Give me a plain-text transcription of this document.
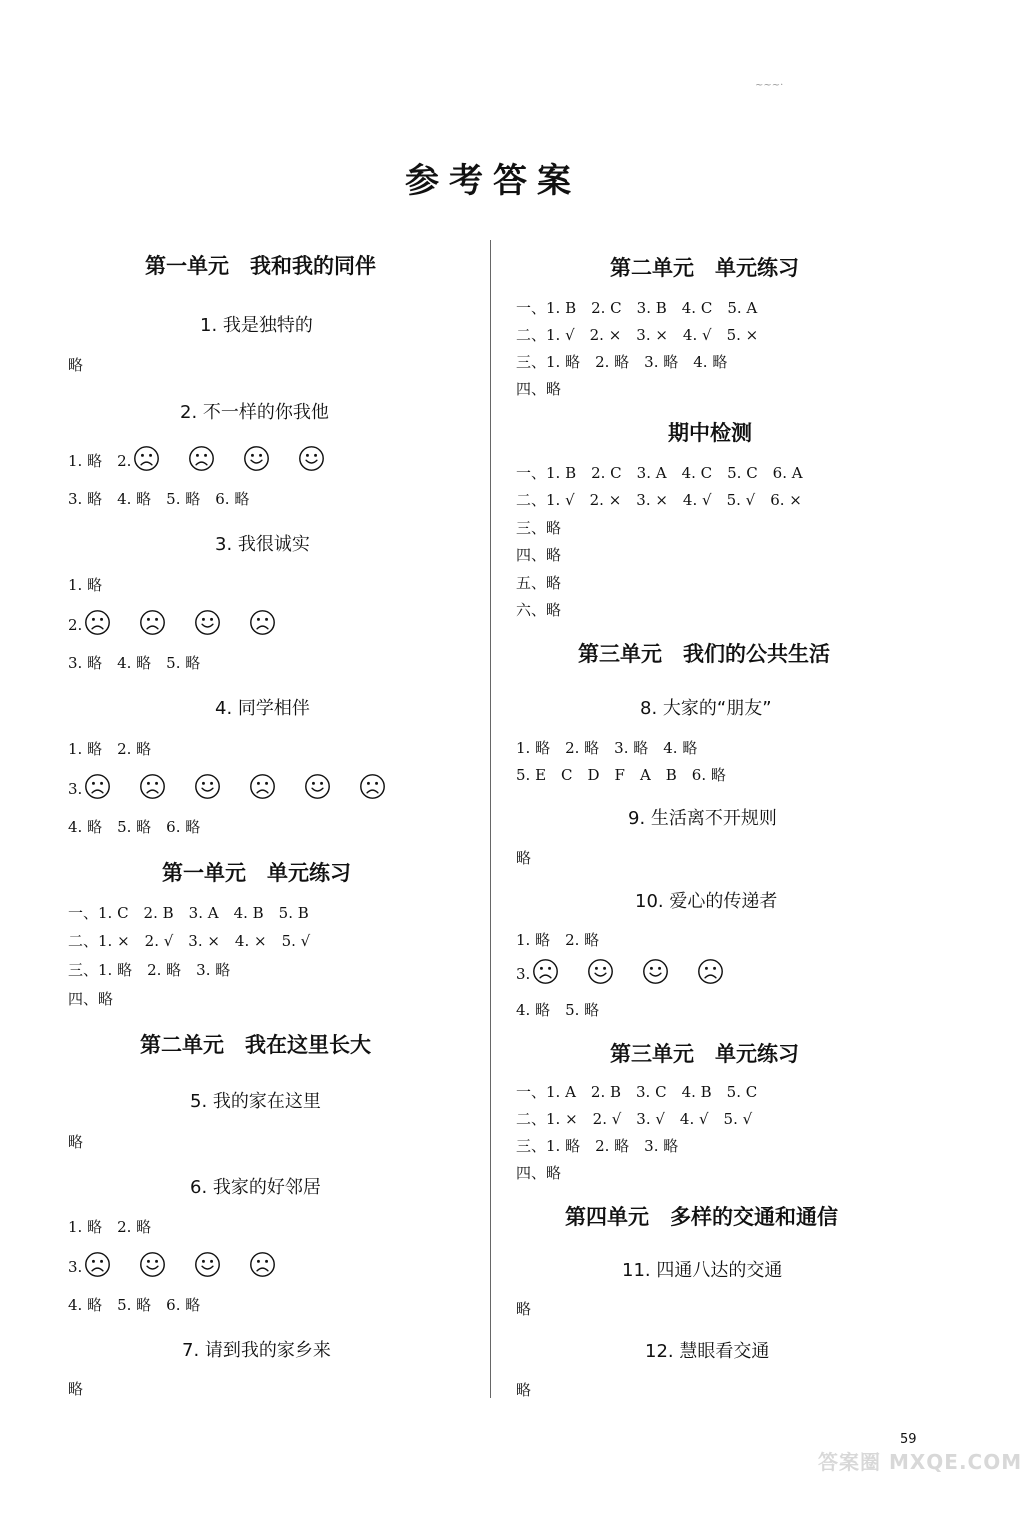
~~~·
参考答案
第一单元　我和我的同伴
1. 我是独特的
略
2. 不一样的你我他
1. 略　2.
3. 略　4. 略　5. 略　6. 略
3. 我很诚实
1. 略
2.
3. 略　4. 略　5. 略
4. 同学相伴
1. 略　2. 略
3.
4. 略　5. 略　6. 略
第一单元　单元练习
一、1. C　2. B　3. A　4. B　5. B
二、1. ×　2. √　3. ×　4. ×　5. √
三、1. 略　2. 略　3. 略
四、略
第二单元　我在这里长大
5. 我的家在这里
略
6. 我家的好邻居
1. 略　2. 略
3.
4. 略　5. 略　6. 略
7. 请到我的家乡来
略
第二单元　单元练习
一、1. B　2. C　3. B　4. C　5. A
二、1. √　2. ×　3. ×　4. √　5. ×
三、1. 略　2. 略　3. 略　4. 略
四、略
期中检测
一、1. B　2. C　3. A　4. C　5. C　6. A
二、1. √　2. ×　3. ×　4. √　5. √　6. ×
三、略
四、略
五、略
六、略
第三单元　我们的公共生活
8. 大家的“朋友”
1. 略　2. 略　3. 略　4. 略
5. E　C　D　F　A　B　6. 略
9. 生活离不开规则
略
10. 爱心的传递者
1. 略　2. 略
3.
4. 略　5. 略
第三单元　单元练习
一、1. A　2. B　3. C　4. B　5. C
二、1. ×　2. √　3. √　4. √　5. √
三、1. 略　2. 略　3. 略
四、略
第四单元　多样的交通和通信
11. 四通八达的交通
略
12. 慧眼看交通
略
59
答案圈 MXQE.COM
